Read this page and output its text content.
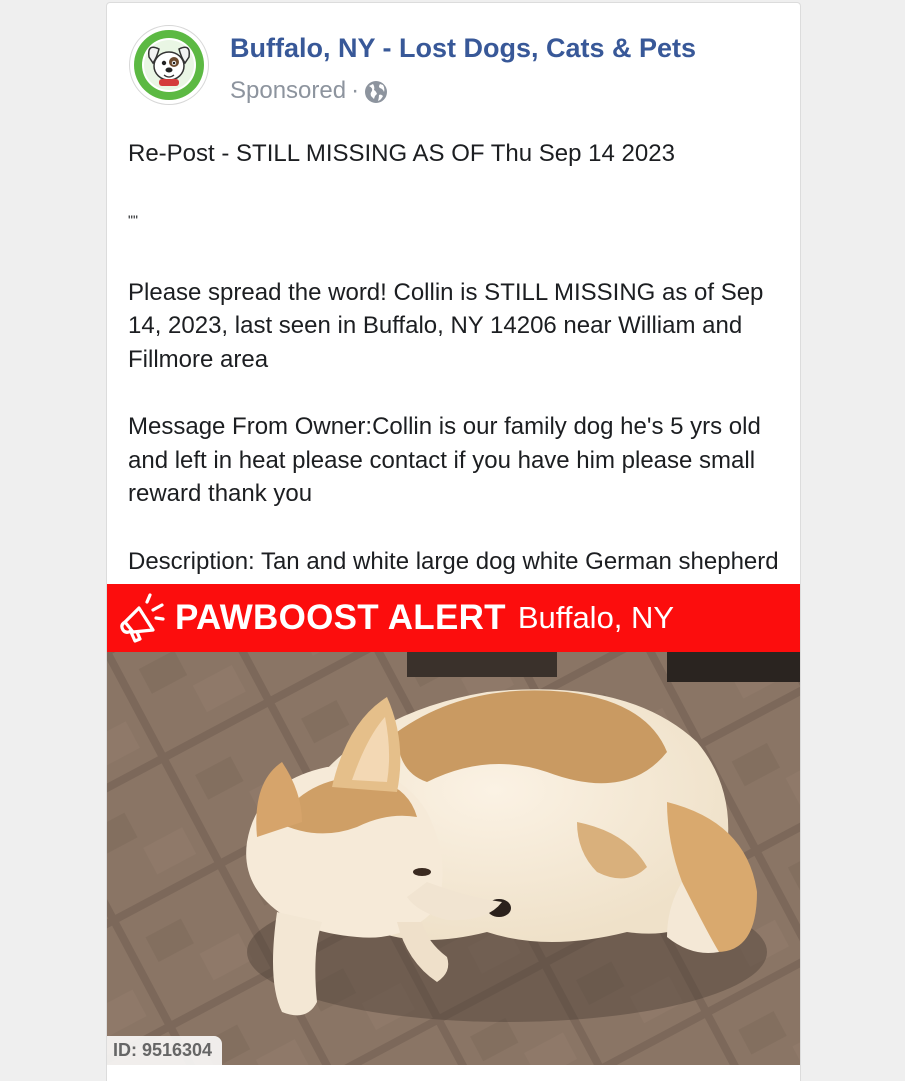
Buffalo, NY - Lost Dogs, Cats & Pets
Sponsored ·

Re-Post - STILL MISSING AS OF Thu Sep 14 2023

""

Please spread the word! Collin is STILL MISSING as of Sep 14, 2023, last seen in Buffalo, NY 14206 near William and Fillmore area

Message From Owner:Collin is our family dog he's 5 yrs old and left in heat please contact if you have him please small reward thank you

Description: Tan and white large dog white German shepherd

PAWBOOST ALERT Buffalo, NY
ID: 9516304
